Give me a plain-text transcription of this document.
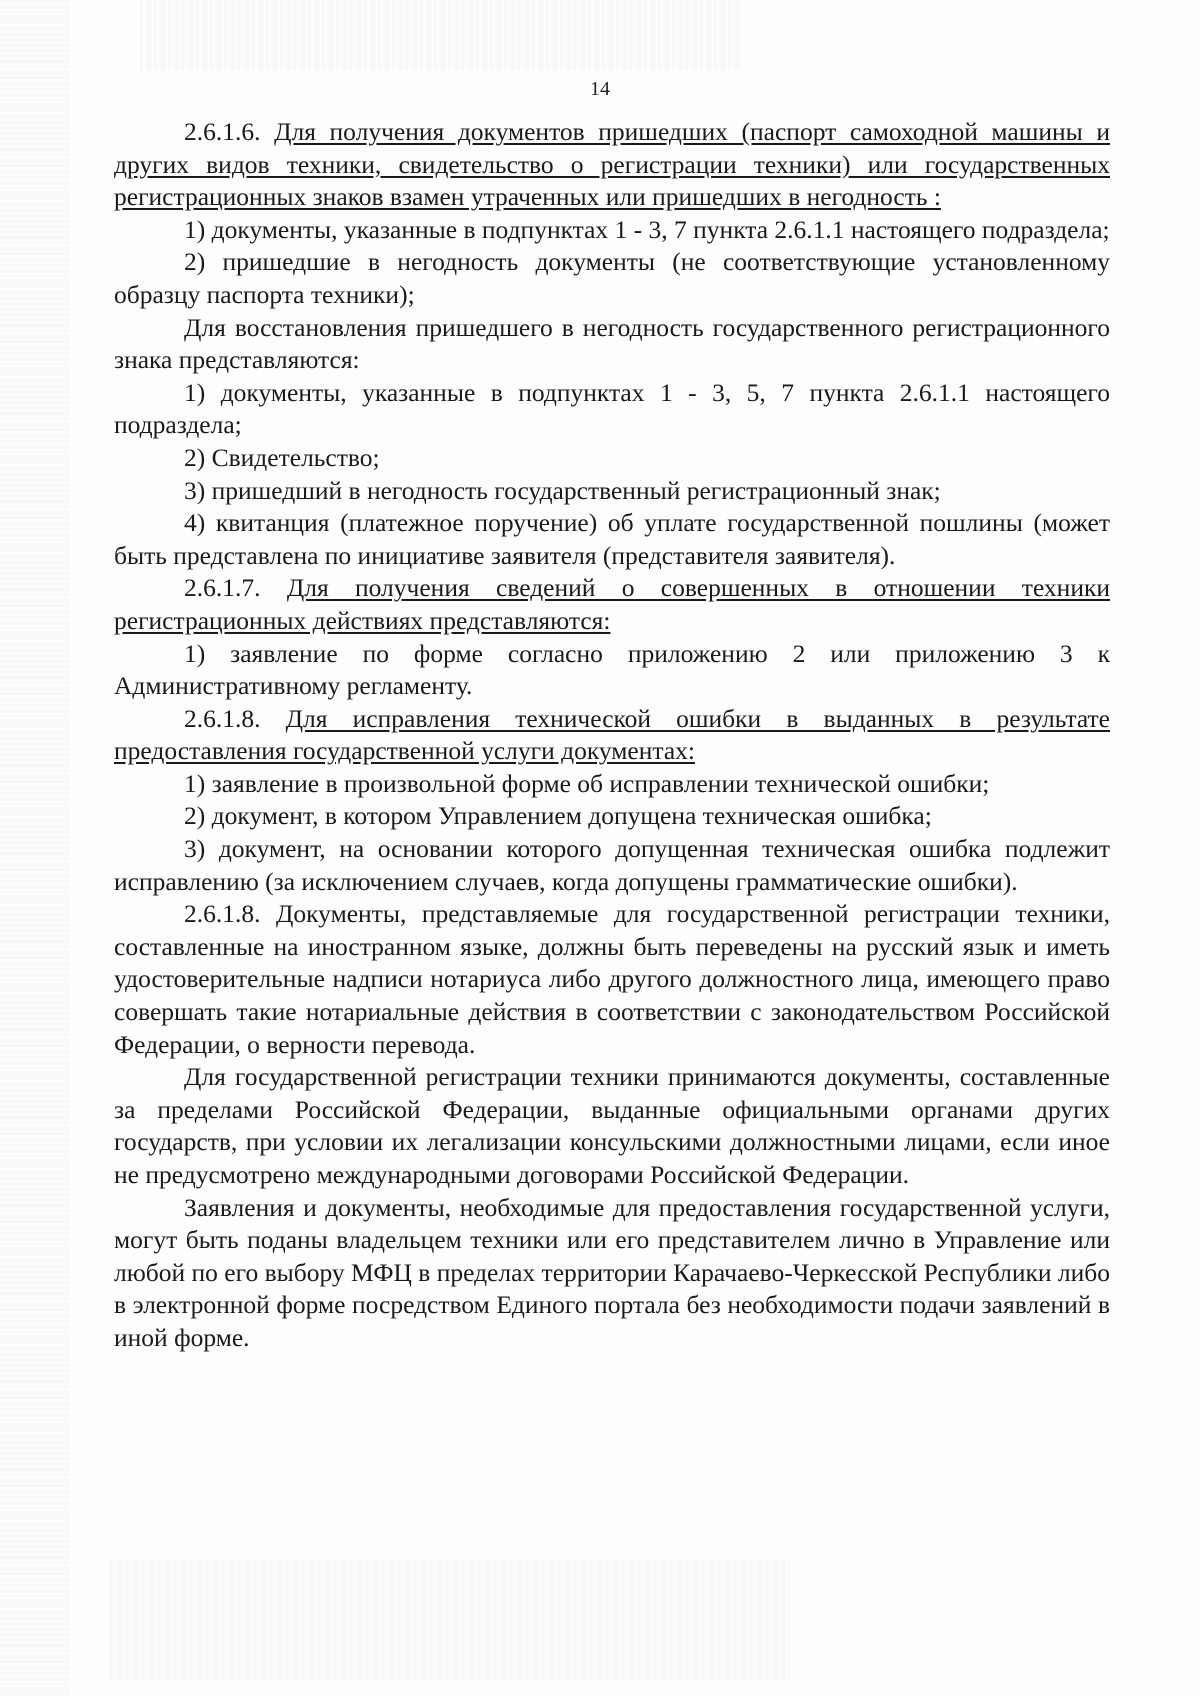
14

2.6.1.6. Для получения документов пришедших (паспорт самоходной машины и других видов техники, свидетельство о регистрации техники) или государственных регистрационных знаков взамен утраченных или пришедших в негодность :

1) документы, указанные в подпунктах 1 - 3, 7 пункта 2.6.1.1 настоящего подраздела;

2) пришедшие в негодность документы (не соответствующие установленному образцу паспорта техники);

Для восстановления пришедшего в негодность государственного регистрационного знака представляются:

1) документы, указанные в подпунктах 1 - 3, 5, 7 пункта 2.6.1.1 настоящего подраздела;

2) Свидетельство;

3) пришедший в негодность государственный регистрационный знак;

4) квитанция (платежное поручение) об уплате государственной пошлины (может быть представлена по инициативе заявителя (представителя заявителя).

2.6.1.7. Для получения сведений о совершенных в отношении техники регистрационных действиях представляются:

1) заявление по форме согласно приложению 2 или приложению 3 к Административному регламенту.

2.6.1.8. Для исправления технической ошибки в выданных в результате предоставления государственной услуги документах:

1) заявление в произвольной форме об исправлении технической ошибки;

2) документ, в котором Управлением допущена техническая ошибка;

3) документ, на основании которого допущенная техническая ошибка подлежит исправлению (за исключением случаев, когда допущены грамматические ошибки).

2.6.1.8. Документы, представляемые для государственной регистрации техники, составленные на иностранном языке, должны быть переведены на русский язык и иметь удостоверительные надписи нотариуса либо другого должностного лица, имеющего право совершать такие нотариальные действия в соответствии с законодательством Российской Федерации, о верности перевода.

Для государственной регистрации техники принимаются документы, составленные за пределами Российской Федерации, выданные официальными органами других государств, при условии их легализации консульскими должностными лицами, если иное не предусмотрено международными договорами Российской Федерации.

Заявления и документы, необходимые для предоставления государственной услуги, могут быть поданы владельцем техники или его представителем лично в Управление или любой по его выбору МФЦ в пределах территории Карачаево-Черкесской Республики либо в электронной форме посредством Единого портала без необходимости подачи заявлений в иной форме.
